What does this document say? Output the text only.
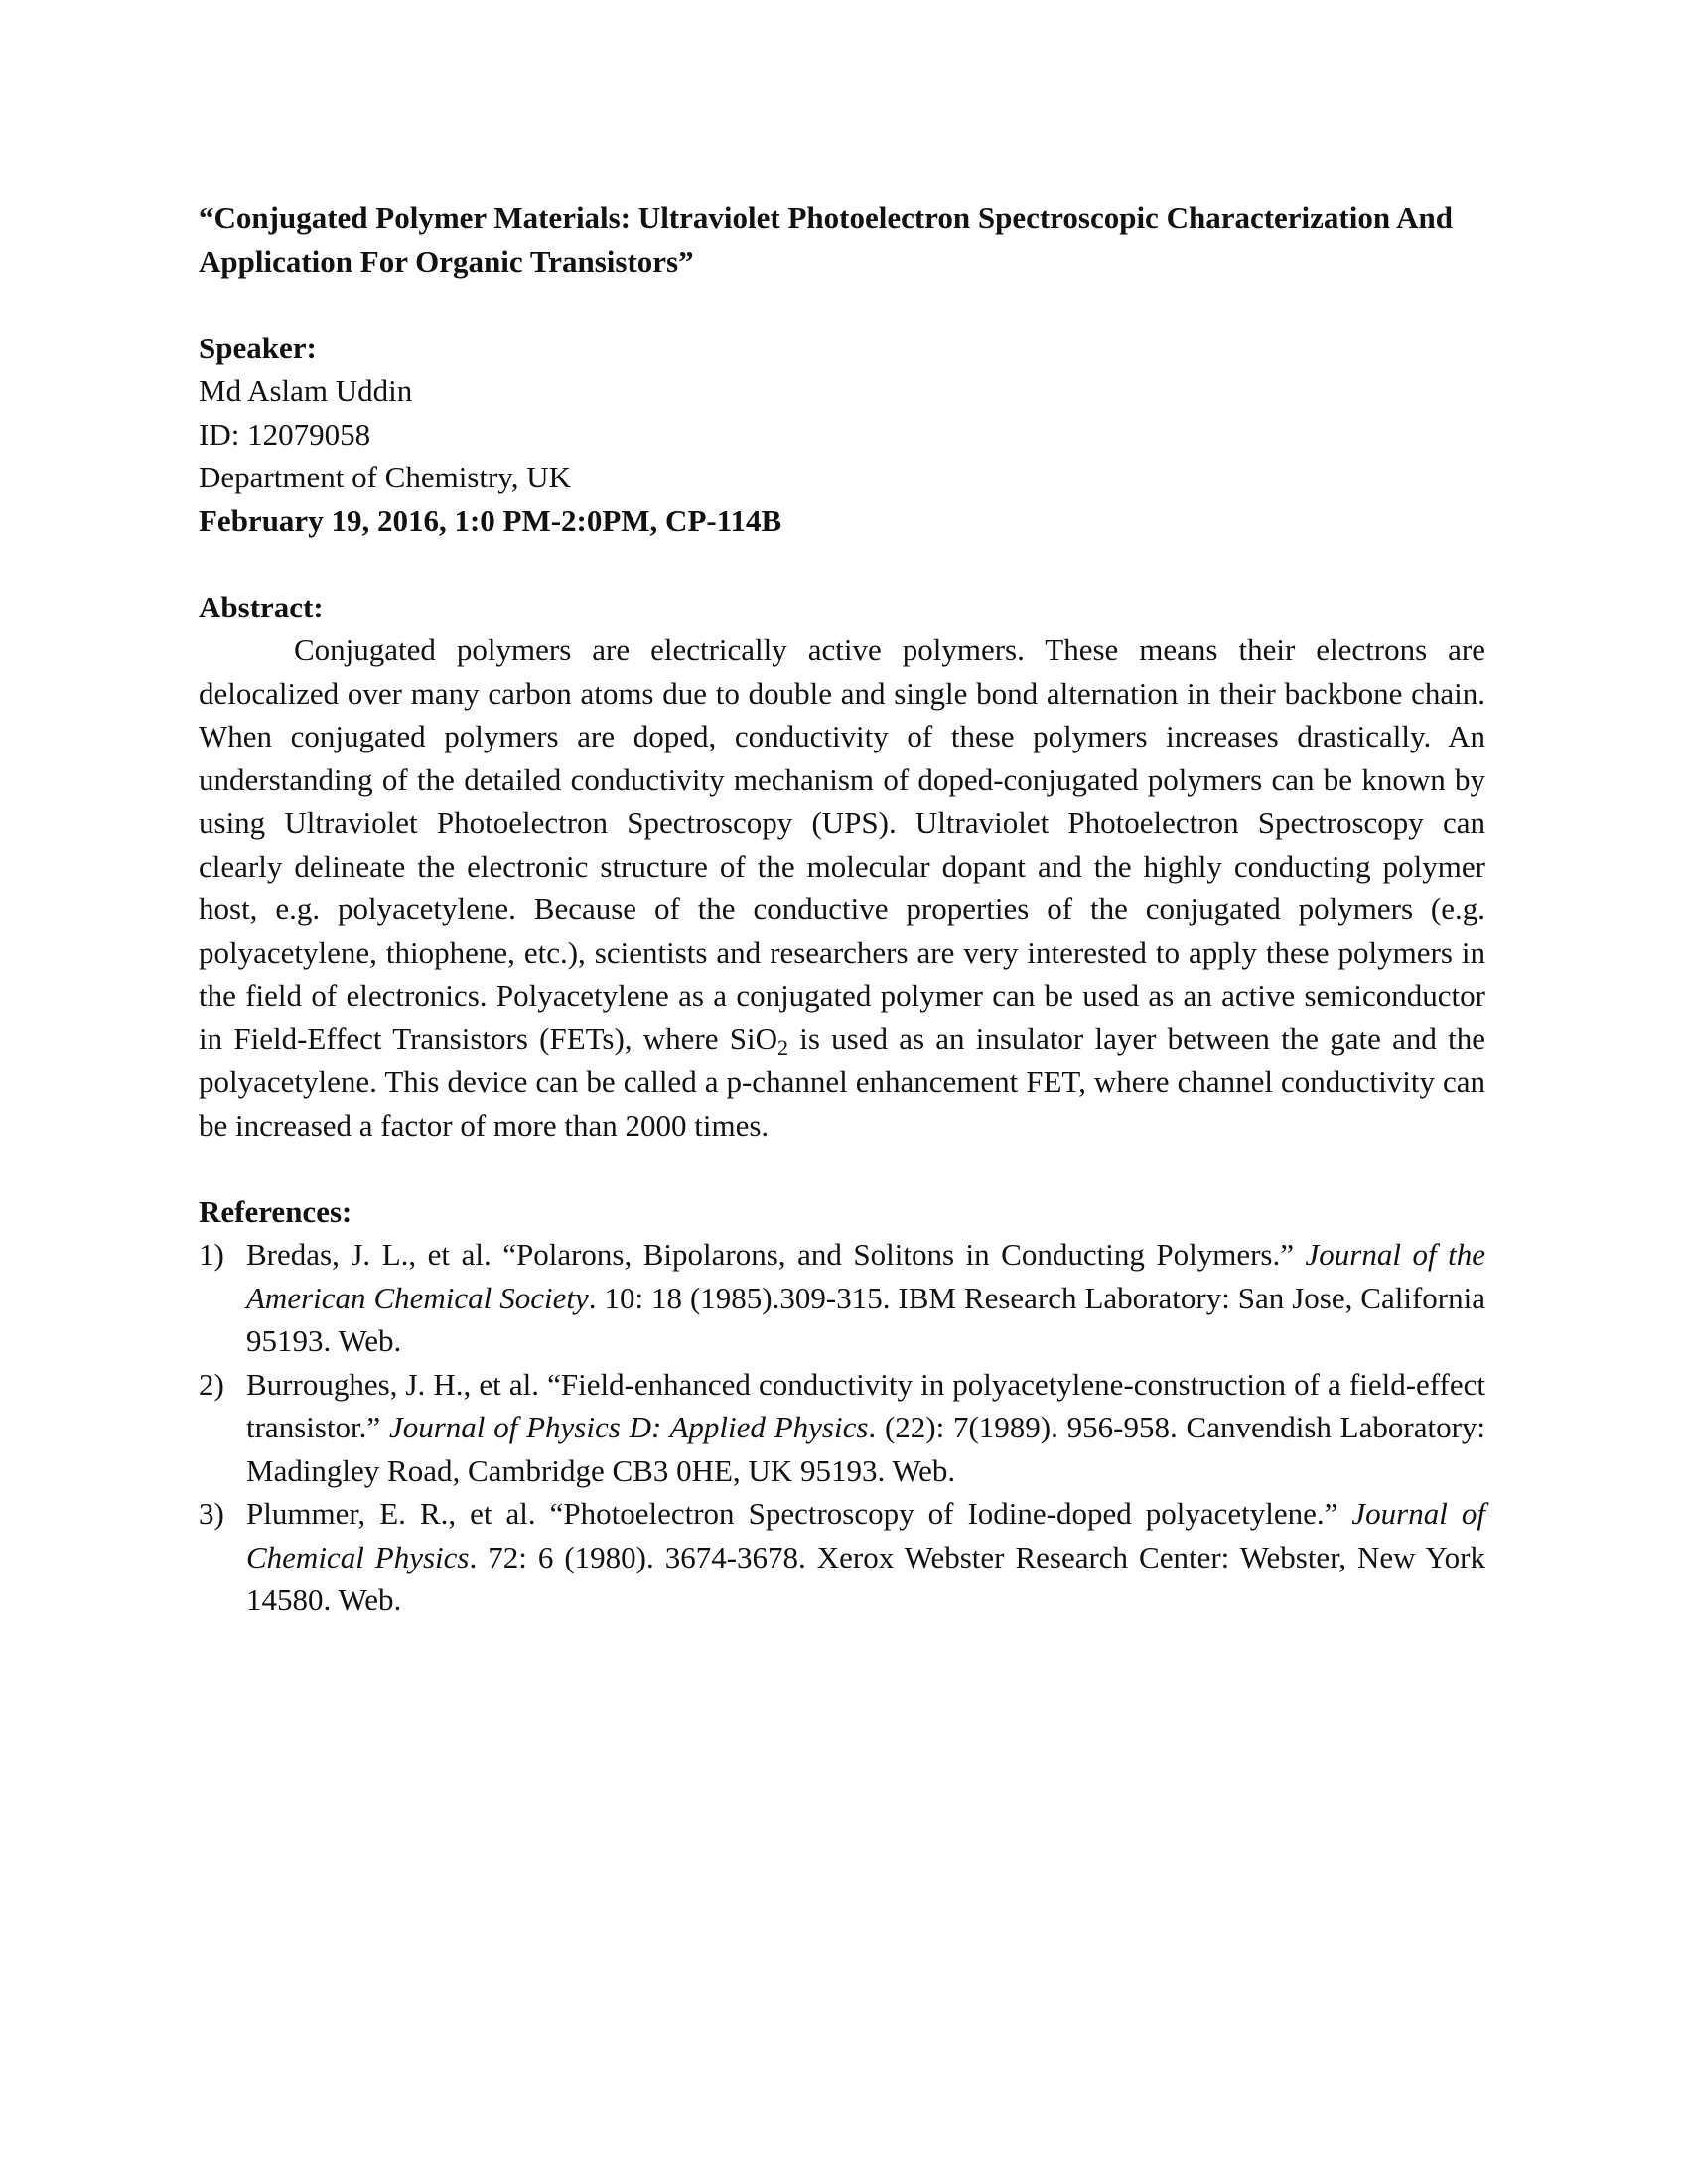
“Conjugated Polymer Materials: Ultraviolet Photoelectron Spectroscopic Characterization And Application For Organic Transistors”

Speaker:

Md Aslam Uddin

ID: 12079058

Department of Chemistry, UK

February 19, 2016, 1:0 PM-2:0PM, CP-114B

Abstract:

Conjugated polymers are electrically active polymers. These means their electrons are delocalized over many carbon atoms due to double and single bond alternation in their backbone chain. When conjugated polymers are doped, conductivity of these polymers increases drastically. An understanding of the detailed conductivity mechanism of doped-conjugated polymers can be known by using Ultraviolet Photoelectron Spectroscopy (UPS). Ultraviolet Photoelectron Spectroscopy can clearly delineate the electronic structure of the molecular dopant and the highly conducting polymer host, e.g. polyacetylene. Because of the conductive properties of the conjugated polymers (e.g. polyacetylene, thiophene, etc.), scientists and researchers are very interested to apply these polymers in the field of electronics. Polyacetylene as a conjugated polymer can be used as an active semiconductor in Field-Effect Transistors (FETs), where SiO$_2$ is used as an insulator layer between the gate and the polyacetylene. This device can be called a p-channel enhancement FET, where channel conductivity can be increased a factor of more than 2000 times.

References:

1) Bredas, J. L., et al. “Polarons, Bipolarons, and Solitons in Conducting Polymers.” Journal of the American Chemical Society. 10: 18 (1985).309-315. IBM Research Laboratory: San Jose, California 95193. Web.
2) Burroughes, J. H., et al. “Field-enhanced conductivity in polyacetylene-construction of a field-effect transistor.” Journal of Physics D: Applied Physics. (22): 7(1989). 956-958. Canvendish Laboratory: Madingley Road, Cambridge CB3 0HE, UK 95193. Web.
3) Plummer, E. R., et al. “Photoelectron Spectroscopy of Iodine-doped polyacetylene.” Journal of Chemical Physics. 72: 6 (1980). 3674-3678. Xerox Webster Research Center: Webster, New York 14580. Web.
